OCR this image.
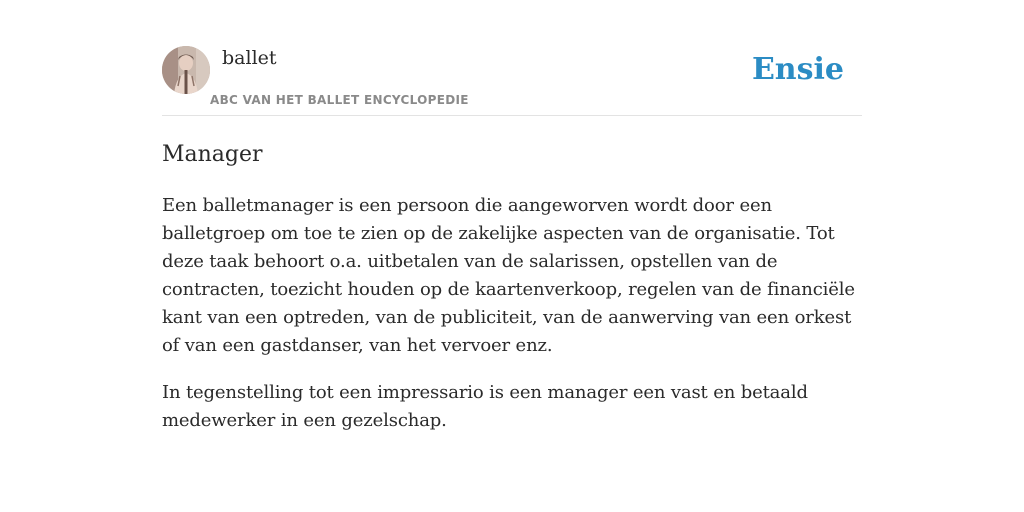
ballet
ABC VAN HET BALLET ENCYCLOPEDIE
Ensie
Manager

Een balletmanager is een persoon die aangeworven wordt door een balletgroep om toe te zien op de zakelijke aspecten van de organisatie. Tot deze taak behoort o.a. uitbetalen van de salarissen, opstellen van de contracten, toezicht houden op de kaartenverkoop, regelen van de financiële kant van een optreden, van de publiciteit, van de aanwerving van een orkest of van een gastdanser, van het vervoer enz.

In tegenstelling tot een impressario is een manager een vast en betaald medewerker in een gezelschap.
